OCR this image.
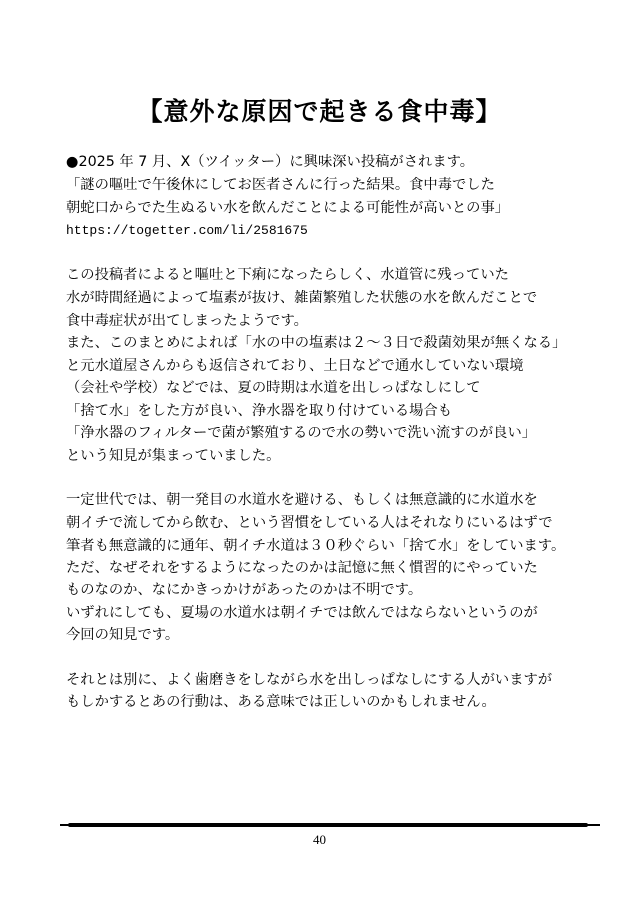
【意外な原因で起きる食中毒】
●2025 年 7 月、X（ツイッター）に興味深い投稿がされます。
「謎の嘔吐で午後休にしてお医者さんに行った結果。食中毒でした
朝蛇口からでた生ぬるい水を飲んだことによる可能性が高いとの事」
https://togetter.com/li/2581675
この投稿者によると嘔吐と下痢になったらしく、水道管に残っていた
水が時間経過によって塩素が抜け、雑菌繁殖した状態の水を飲んだことで
食中毒症状が出てしまったようです。
また、このまとめによれば「水の中の塩素は２～３日で殺菌効果が無くなる」
と元水道屋さんからも返信されており、土日などで通水していない環境
（会社や学校）などでは、夏の時期は水道を出しっぱなしにして
「捨て水」をした方が良い、浄水器を取り付けている場合も
「浄水器のフィルターで菌が繁殖するので水の勢いで洗い流すのが良い」
という知見が集まっていました。
一定世代では、朝一発目の水道水を避ける、もしくは無意識的に水道水を
朝イチで流してから飲む、という習慣をしている人はそれなりにいるはずで
筆者も無意識的に通年、朝イチ水道は３０秒ぐらい「捨て水」をしています。
ただ、なぜそれをするようになったのかは記憶に無く慣習的にやっていた
ものなのか、なにかきっかけがあったのかは不明です。
いずれにしても、夏場の水道水は朝イチでは飲んではならないというのが
今回の知見です。
それとは別に、よく歯磨きをしながら水を出しっぱなしにする人がいますが
もしかするとあの行動は、ある意味では正しいのかもしれません。
40
